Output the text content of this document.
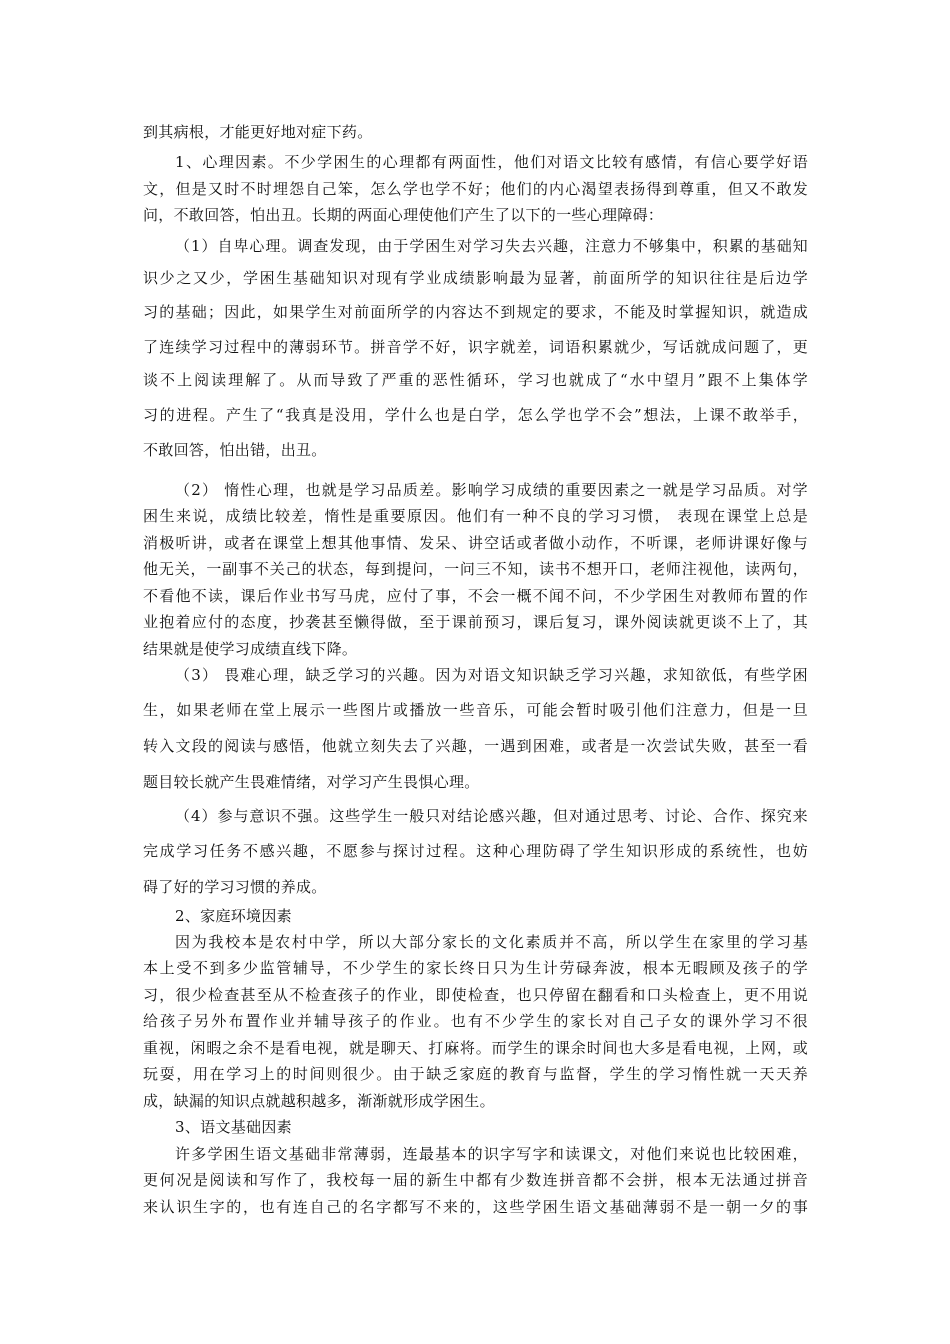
到其病根，才能更好地对症下药。
1、心理因素。不少学困生的心理都有两面性，他们对语文比较有感情，有信心要学好语
文，但是又时不时埋怨自己笨，怎么学也学不好；他们的内心渴望表扬得到尊重，但又不敢发
问，不敢回答，怕出丑。长期的两面心理使他们产生了以下的一些心理障碍：
（1）自卑心理。调查发现，由于学困生对学习失去兴趣，注意力不够集中，积累的基础知
识少之又少，学困生基础知识对现有学业成绩影响最为显著，前面所学的知识往往是后边学
习的基础；因此，如果学生对前面所学的内容达不到规定的要求，不能及时掌握知识，就造成
了连续学习过程中的薄弱环节。拼音学不好，识字就差，词语积累就少，写话就成问题了，更
谈不上阅读理解了。从而导致了严重的恶性循环，学习也就成了“水中望月”跟不上集体学
习的进程。产生了“我真是没用，学什么也是白学，怎么学也学不会”想法，上课不敢举手，
不敢回答，怕出错，出丑。
（2） 惰性心理，也就是学习品质差。影响学习成绩的重要因素之一就是学习品质。对学
困生来说，成绩比较差，惰性是重要原因。他们有一种不良的学习习惯， 表现在课堂上总是
消极听讲，或者在课堂上想其他事情、发呆、讲空话或者做小动作，不听课，老师讲课好像与
他无关，一副事不关己的状态，每到提问，一问三不知，读书不想开口，老师注视他，读两句，
不看他不读，课后作业书写马虎，应付了事，不会一概不闻不问，不少学困生对教师布置的作
业抱着应付的态度，抄袭甚至懒得做，至于课前预习，课后复习，课外阅读就更谈不上了，其
结果就是使学习成绩直线下降。
（3） 畏难心理，缺乏学习的兴趣。因为对语文知识缺乏学习兴趣，求知欲低，有些学困
生，如果老师在堂上展示一些图片或播放一些音乐，可能会暂时吸引他们注意力，但是一旦
转入文段的阅读与感悟，他就立刻失去了兴趣，一遇到困难，或者是一次尝试失败，甚至一看
题目较长就产生畏难情绪，对学习产生畏惧心理。
（4）参与意识不强。这些学生一般只对结论感兴趣，但对通过思考、讨论、合作、探究来
完成学习任务不感兴趣，不愿参与探讨过程。这种心理防碍了学生知识形成的系统性，也妨
碍了好的学习习惯的养成。
2、家庭环境因素
因为我校本是农村中学，所以大部分家长的文化素质并不高，所以学生在家里的学习基
本上受不到多少监管辅导，不少学生的家长终日只为生计劳碌奔波，根本无暇顾及孩子的学
习，很少检查甚至从不检查孩子的作业，即使检查，也只停留在翻看和口头检查上，更不用说
给孩子另外布置作业并辅导孩子的作业。也有不少学生的家长对自己子女的课外学习不很
重视，闲暇之余不是看电视，就是聊天、打麻将。而学生的课余时间也大多是看电视，上网，或
玩耍，用在学习上的时间则很少。由于缺乏家庭的教育与监督，学生的学习惰性就一天天养
成，缺漏的知识点就越积越多，渐渐就形成学困生。
3、语文基础因素
许多学困生语文基础非常薄弱，连最基本的识字写字和读课文，对他们来说也比较困难，
更何况是阅读和写作了，我校每一届的新生中都有少数连拼音都不会拼，根本无法通过拼音
来认识生字的，也有连自己的名字都写不来的，这些学困生语文基础薄弱不是一朝一夕的事
